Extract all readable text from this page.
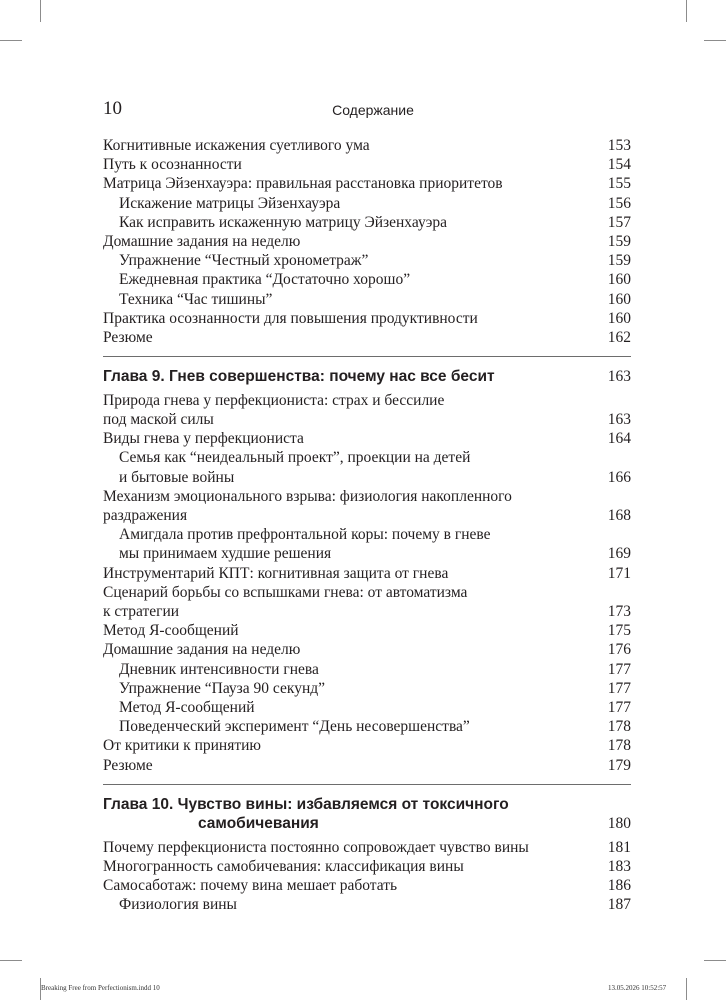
10	Содержание
Когнитивные искажения суетливого ума	153
Путь к осознанности	154
Матрица Эйзенхауэра: правильная расстановка приоритетов	155
Искажение матрицы Эйзенхауэра	156
Как исправить искаженную матрицу Эйзенхауэра	157
Домашние задания на неделю	159
Упражнение “Честный хронометраж”	159
Ежедневная практика “Достаточно хорошо”	160
Техника “Час тишины”	160
Практика осознанности для повышения продуктивности	160
Резюме	162
Глава 9. Гнев совершенства: почему нас все бесит	163
Природа гнева у перфекциониста: страх и бессилие
под маской силы	163
Виды гнева у перфекциониста	164
Семья как “неидеальный проект”, проекции на детей
и бытовые войны	166
Механизм эмоционального взрыва: физиология накопленного
раздражения	168
Амигдала против префронтальной коры: почему в гневе
мы принимаем худшие решения	169
Инструментарий КПТ: когнитивная защита от гнева	171
Сценарий борьбы со вспышками гнева: от автоматизма
к стратегии	173
Метод Я-сообщений	175
Домашние задания на неделю	176
Дневник интенсивности гнева	177
Упражнение “Пауза 90 секунд”	177
Метод Я-сообщений	177
Поведенческий эксперимент “День несовершенства”	178
От критики к принятию	178
Резюме	179
Глава 10. Чувство вины: избавляемся от токсичного
самобичевания	180
Почему перфекциониста постоянно сопровождает чувство вины	181
Многогранность самобичевания: классификация вины	183
Самосаботаж: почему вина мешает работать	186
Физиология вины	187
Breaking Free from Perfectionism.indd 10	13.05.2026 10:52:57
